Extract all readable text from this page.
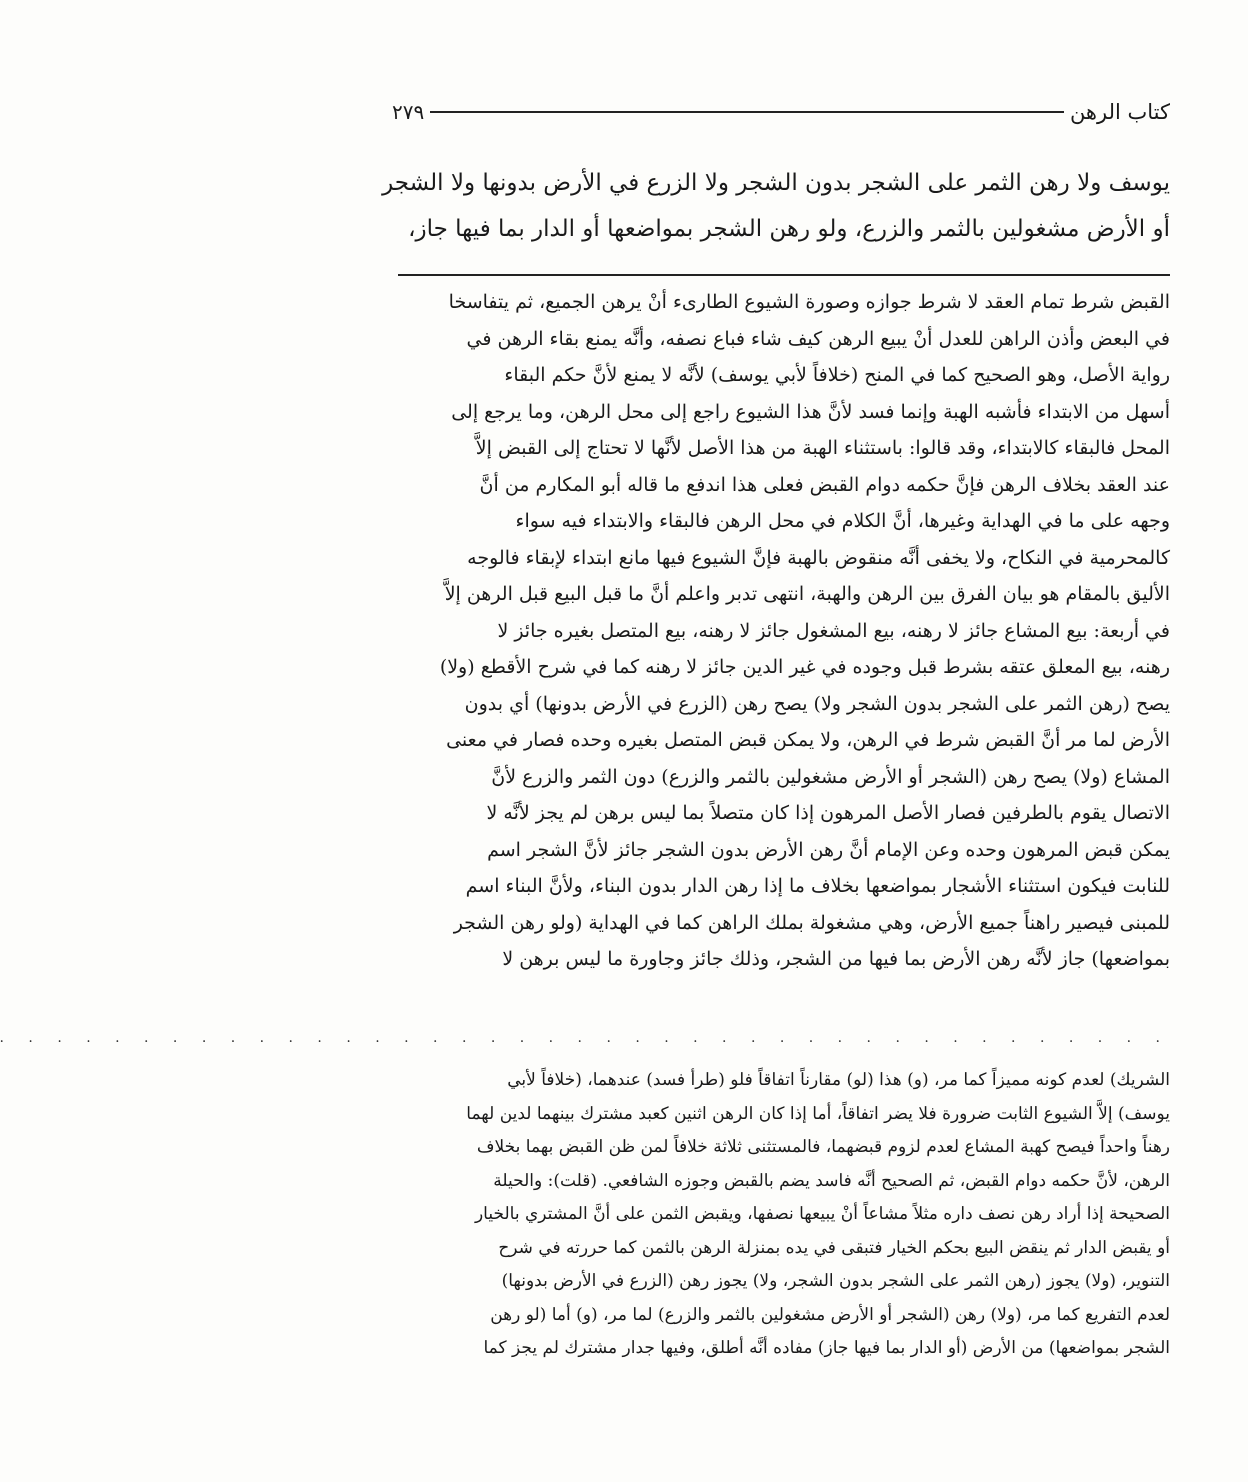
كتاب الرهن
٢٧٩

يوسف ولا رهن الثمر على الشجر بدون الشجر ولا الزرع في الأرض بدونها ولا الشجر

أو الأرض مشغولين بالثمر والزرع، ولو رهن الشجر بمواضعها أو الدار بما فيها جاز،

القبض شرط تمام العقد لا شرط جوازه وصورة الشيوع الطارىء أنْ يرهن الجميع، ثم يتفاسخا

في البعض وأذن الراهن للعدل أنْ يبيع الرهن كيف شاء فباع نصفه، وأنَّه يمنع بقاء الرهن في

رواية الأصل، وهو الصحيح كما في المنح (خلافاً لأبي يوسف) لأنَّه لا يمنع لأنَّ حكم البقاء

أسهل من الابتداء فأشبه الهبة وإنما فسد لأنَّ هذا الشيوع راجع إلى محل الرهن، وما يرجع إلى

المحل فالبقاء كالابتداء، وقد قالوا: باستثناء الهبة من هذا الأصل لأنَّها لا تحتاج إلى القبض إلاَّ

عند العقد بخلاف الرهن فإنَّ حكمه دوام القبض فعلى هذا اندفع ما قاله أبو المكارم من أنَّ

وجهه على ما في الهداية وغيرها، أنَّ الكلام في محل الرهن فالبقاء والابتداء فيه سواء

كالمحرمية في النكاح، ولا يخفى أنَّه منقوض بالهبة فإنَّ الشيوع فيها مانع ابتداء لإبقاء فالوجه

الأليق بالمقام هو بيان الفرق بين الرهن والهبة، انتهى تدبر واعلم أنَّ ما قبل البيع قبل الرهن إلاَّ

في أربعة: بيع المشاع جائز لا رهنه، بيع المشغول جائز لا رهنه، بيع المتصل بغيره جائز لا

رهنه، بيع المعلق عتقه بشرط قبل وجوده في غير الدين جائز لا رهنه كما في شرح الأقطع (ولا)

يصح (رهن الثمر على الشجر بدون الشجر ولا) يصح رهن (الزرع في الأرض بدونها) أي بدون

الأرض لما مر أنَّ القبض شرط في الرهن، ولا يمكن قبض المتصل بغيره وحده فصار في معنى

المشاع (ولا) يصح رهن (الشجر أو الأرض مشغولين بالثمر والزرع) دون الثمر والزرع لأنَّ

الاتصال يقوم بالطرفين فصار الأصل المرهون إذا كان متصلاً بما ليس برهن لم يجز لأنَّه لا

يمكن قبض المرهون وحده وعن الإمام أنَّ رهن الأرض بدون الشجر جائز لأنَّ الشجر اسم

للنابت فيكون استثناء الأشجار بمواضعها بخلاف ما إذا رهن الدار بدون البناء، ولأنَّ البناء اسم

للمبنى فيصير راهناً جميع الأرض، وهي مشغولة بملك الراهن كما في الهداية (ولو رهن الشجر

بمواضعها) جاز لأنَّه رهن الأرض بما فيها من الشجر، وذلك جائز وجاورة ما ليس برهن لا

. . . . . . . . . . . . . . . . . . . . . . . . . . . . . . . . . . . . . . . . .

الشريك) لعدم كونه مميزاً كما مر، (و) هذا (لو) مقارناً اتفاقاً فلو (طرأ فسد) عندهما، (خلافاً لأبي

يوسف) إلاَّ الشيوع الثابت ضرورة فلا يضر اتفاقاً، أما إذا كان الرهن اثنين كعبد مشترك بينهما لدين لهما

رهناً واحداً فيصح كهبة المشاع لعدم لزوم قبضهما، فالمستثنى ثلاثة خلافاً لمن ظن القبض بهما بخلاف

الرهن، لأنَّ حكمه دوام القبض، ثم الصحيح أنَّه فاسد يضم بالقبض وجوزه الشافعي. (قلت): والحيلة

الصحيحة إذا أراد رهن نصف داره مثلاً مشاعاً أنْ يبيعها نصفها، ويقبض الثمن على أنَّ المشتري بالخيار

أو يقبض الدار ثم ينقض البيع بحكم الخيار فتبقى في يده بمنزلة الرهن بالثمن كما حررته في شرح

التنوير، (ولا) يجوز (رهن الثمر على الشجر بدون الشجر، ولا) يجوز رهن (الزرع في الأرض بدونها)

لعدم التفريع كما مر، (ولا) رهن (الشجر أو الأرض مشغولين بالثمر والزرع) لما مر، (و) أما (لو رهن

الشجر بمواضعها) من الأرض (أو الدار بما فيها جاز) مفاده أنَّه أطلق، وفيها جدار مشترك لم يجز كما
